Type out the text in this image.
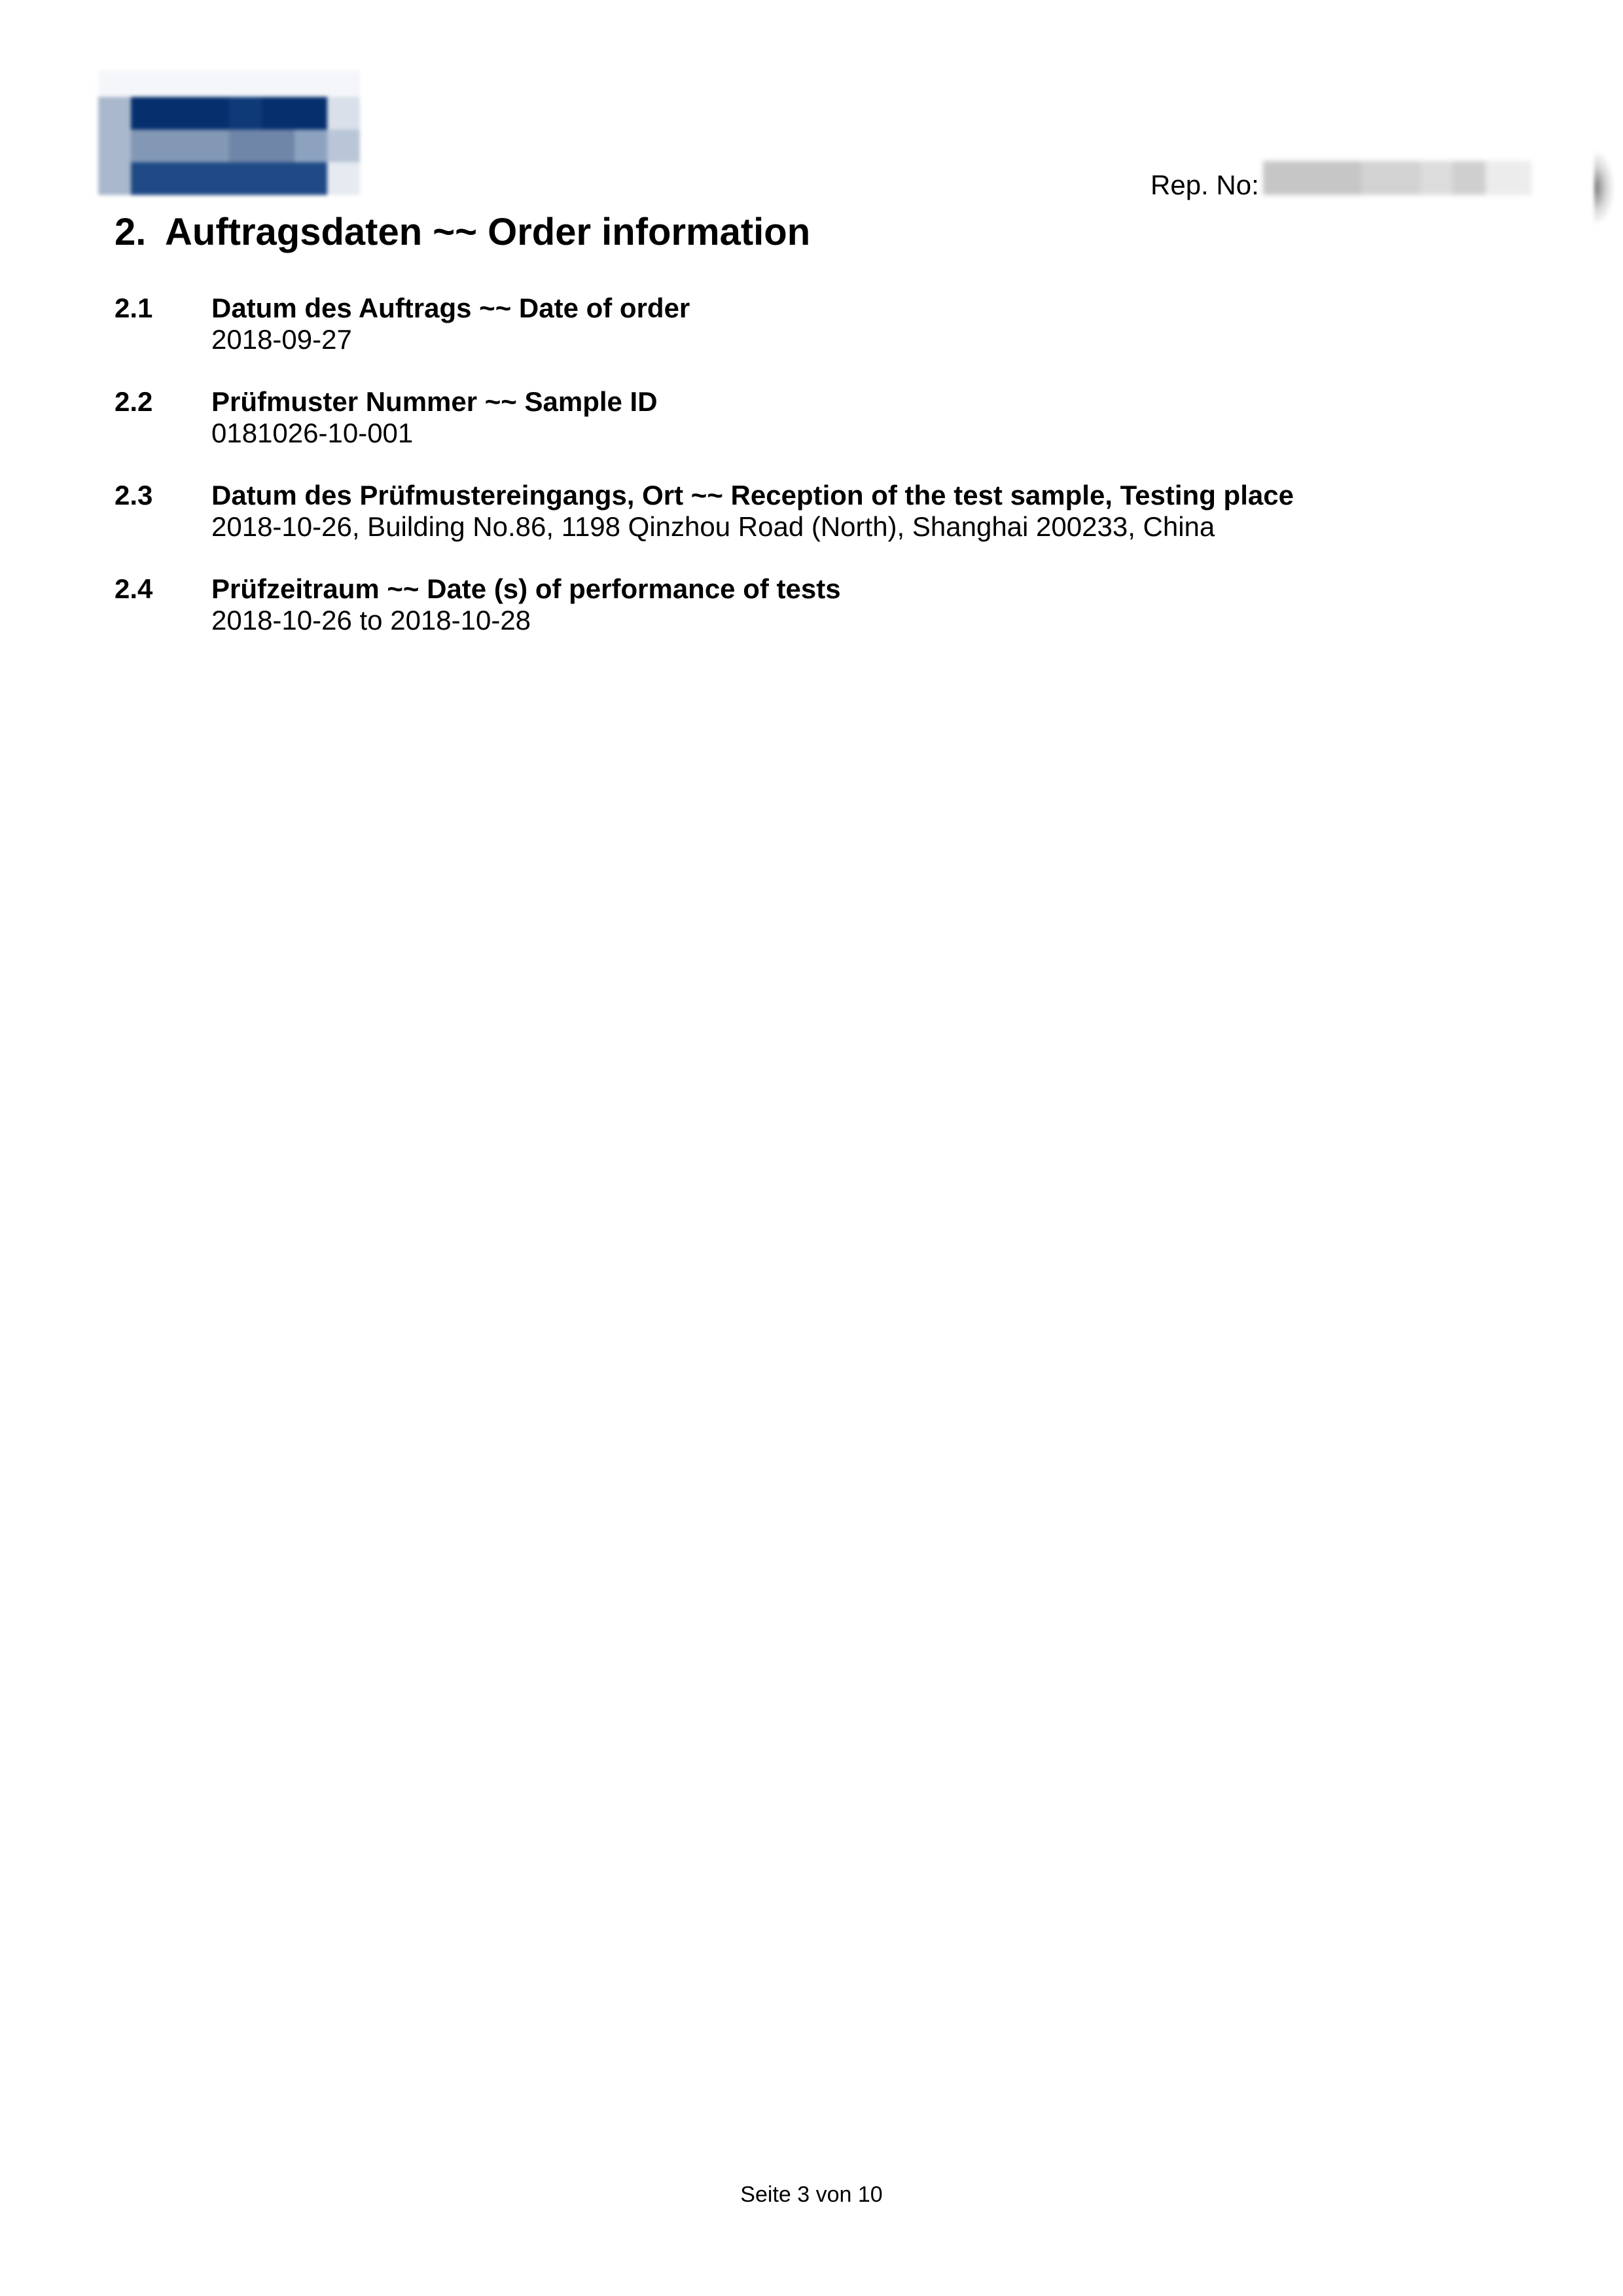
Rep. No:
2. Auftragsdaten ~~ Order information
2.1 Datum des Auftrags ~~ Date of order
2018-09-27
2.2 Prüfmuster Nummer ~~ Sample ID
0181026-10-001
2.3 Datum des Prüfmustereingangs, Ort ~~ Reception of the test sample, Testing place
2018-10-26, Building No.86, 1198 Qinzhou Road (North), Shanghai 200233, China
2.4 Prüfzeitraum ~~ Date (s) of performance of tests
2018-10-26 to 2018-10-28
Seite 3 von 10
